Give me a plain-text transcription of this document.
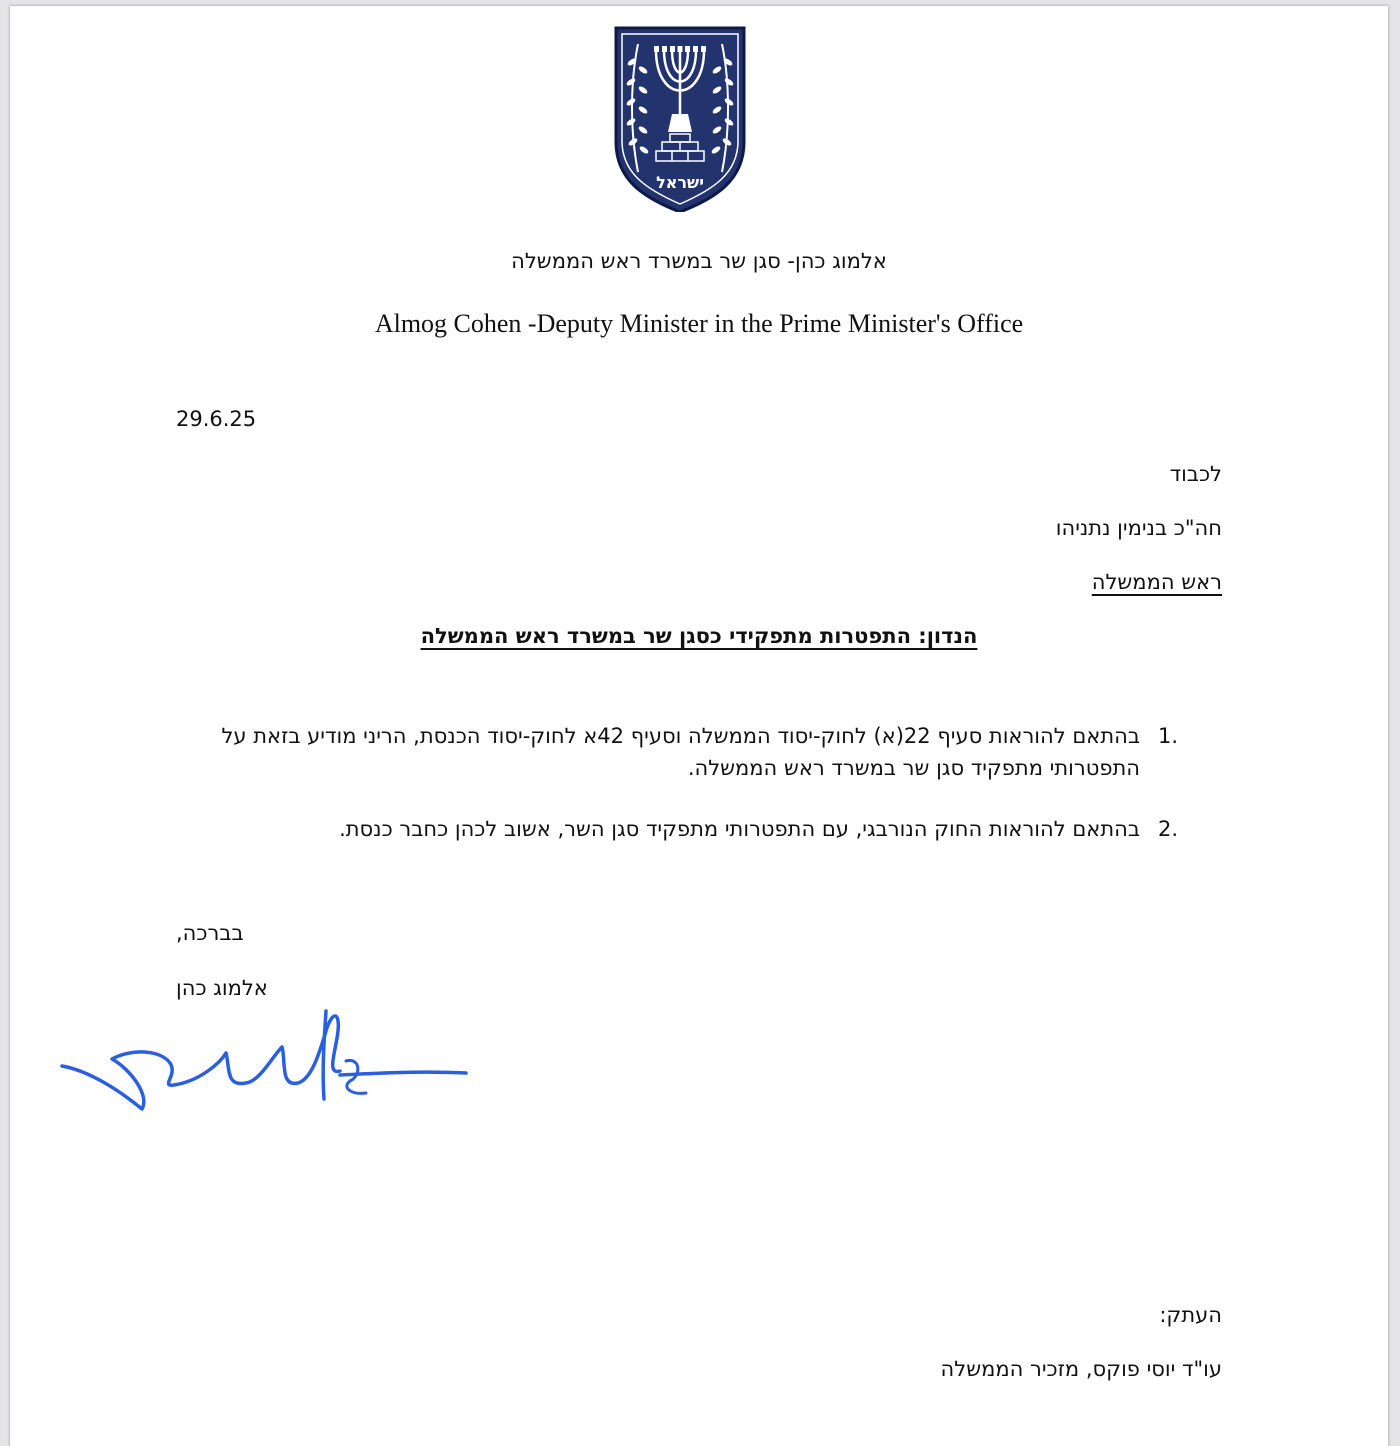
ישראל
אלמוג כהן- סגן שר במשרד ראש הממשלה
Almog Cohen -Deputy Minister in the Prime Minister's Office
29.6.25
לכבוד
חה"כ בנימין נתניהו
ראש הממשלה
הנדון: התפטרות מתפקידי כסגן שר במשרד ראש הממשלה
1.
בהתאם להוראות סעיף 22(א) לחוק-יסוד הממשלה וסעיף 42א לחוק-יסוד הכנסת, הריני מודיע בזאת על התפטרותי מתפקיד סגן שר במשרד ראש הממשלה.
2.
בהתאם להוראות החוק הנורבגי, עם התפטרותי מתפקיד סגן השר, אשוב לכהן כחבר כנסת.
בברכה,
אלמוג כהן
העתק:
עו"ד יוסי פוקס, מזכיר הממשלה
